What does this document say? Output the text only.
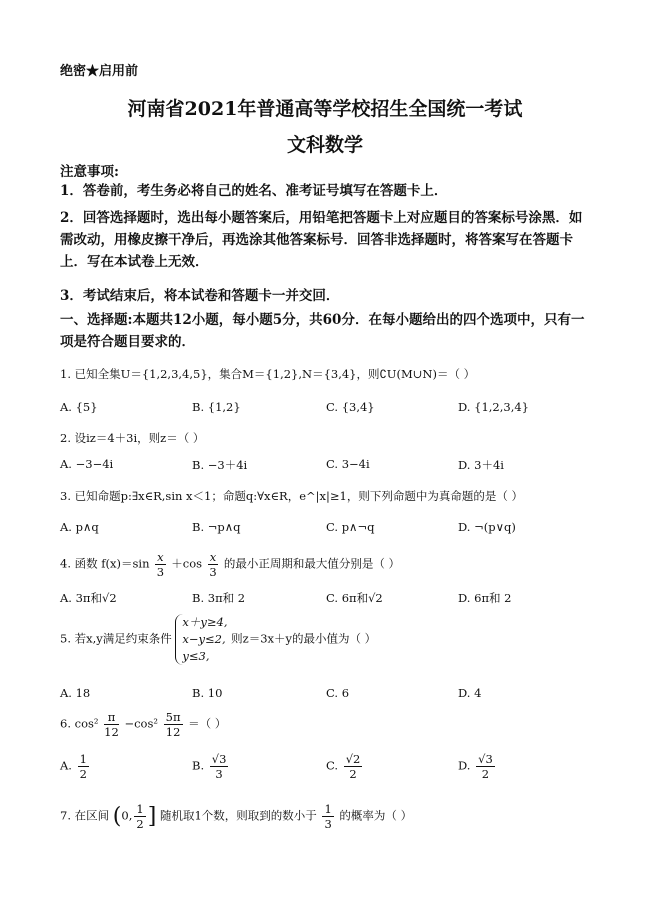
绝密★启用前
河南省2021年普通高等学校招生全国统一考试
文科数学
注意事项:
1．答卷前，考生务必将自己的姓名、准考证号填写在答题卡上．
2．回答选择题时，选出每小题答案后，用铅笔把答题卡上对应题目的答案标号涂黑．如需改动，用橡皮擦干净后，再选涂其他答案标号．回答非选择题时，将答案写在答题卡上．写在本试卷上无效．
3．考试结束后，将本试卷和答题卡一并交回．
一、选择题:本题共12小题，每小题5分，共60分．在每小题给出的四个选项中，只有一项是符合题目要求的．
1. 已知全集U＝{1,2,3,4,5}，集合M＝{1,2},N＝{3,4}，则∁U(M∪N)＝（ ）
A. {5}	B. {1,2}	C. {3,4}	D. {1,2,3,4}
2. 设iz＝4＋3i，则z＝（ ）
A. −3−4i	B. −3＋4i	C. 3−4i	D. 3＋4i
3. 已知命题p:∃x∈R,sin x＜1；命题q:∀x∈R，e^|x|≥1，则下列命题中为真命题的是（ ）
A. p∧q	B. ¬p∧q	C. p∧¬q	D. ¬(p∨q)
4. 函数 $f(x)=\sin \frac{x}{3} +\cos \frac{x}{3}$ 的最小正周期和最大值分别是（ ）
A. 3π和√2	B. 3π和 2	C. 6π和√2	D. 6π和 2
5. 若x,y满足约束条件
x＋y≥4,
x−y≤2,
y≤3,
则z＝3x＋y的最小值为（ ）
A. 18	B. 10	C. 6	D. 4
6. $\cos^2 \frac{\pi}{12} -\cos^2 \frac{5\pi}{12}$ ＝（ ）
A. $\frac{1}{2}$	B. $\frac{√3}{3}$	C. $\frac{√2}{2}$	D. $\frac{√3}{2}$
7. 在区间 (0, $\frac{1}{2}$ ] 随机取1个数，则取到的数小于 $\frac{1}{3}$ 的概率为（ ）
